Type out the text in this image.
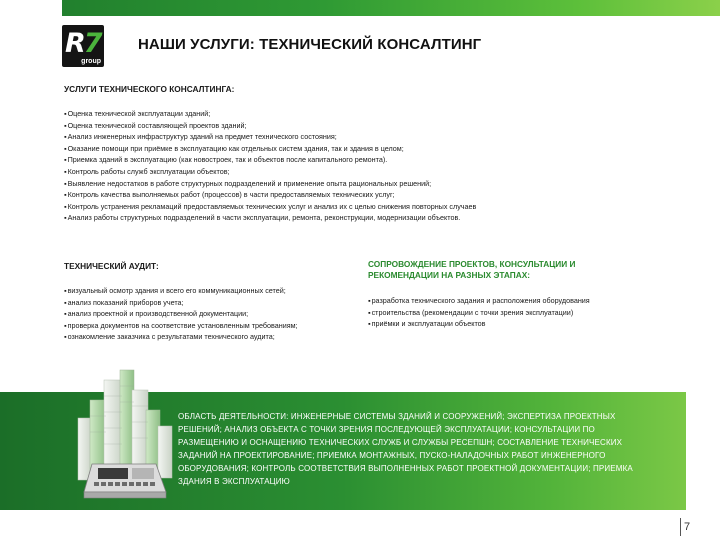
R7
group
НАШИ УСЛУГИ: ТЕХНИЧЕСКИЙ КОНСАЛТИНГ
УСЛУГИ ТЕХНИЧЕСКОГО КОНСАЛТИНГА:
▪ Оценка технической эксплуатации зданий;
▪ Оценка технической составляющей проектов зданий;
▪ Анализ инженерных инфраструктур зданий на предмет технического состояния;
▪ Оказание помощи при приёмке в эксплуатацию как отдельных систем здания, так и здания в целом;
▪ Приемка зданий в эксплуатацию (как новостроек, так и объектов после капитального ремонта).
▪ Контроль работы служб эксплуатации объектов;
▪ Выявление недостатков в работе структурных подразделений и применение опыта рациональных решений;
▪ Контроль качества выполняемых работ (процессов) в части предоставляемых технических услуг;
▪ Контроль устранения рекламаций предоставляемых технических услуг и анализ их с целью снижения повторных случаев
▪ Анализ работы структурных подразделений в части эксплуатации, ремонта, реконструкции, модернизации объектов.
ТЕХНИЧЕСКИЙ АУДИТ:
▪ визуальный осмотр здания и всего его коммуникационных сетей;
▪ анализ показаний приборов учета;
▪ анализ проектной и производственной документации;
▪ проверка документов на соответствие установленным требованиям;
▪ ознакомление заказчика с результатами технического аудита;
СОПРОВОЖДЕНИЕ ПРОЕКТОВ, КОНСУЛЬТАЦИИ И РЕКОМЕНДАЦИИ НА РАЗНЫХ ЭТАПАХ:
▪ разработка технического задания и расположения оборудования
▪ строительства (рекомендации с точки зрения эксплуатации)
▪ приёмки и эксплуатации объектов
ОБЛАСТЬ ДЕЯТЕЛЬНОСТИ: ИНЖЕНЕРНЫЕ СИСТЕМЫ ЗДАНИЙ И СООРУЖЕНИЙ; ЭКСПЕРТИЗА ПРОЕКТНЫХ РЕШЕНИЙ; АНАЛИЗ ОБЪЕКТА С ТОЧКИ ЗРЕНИЯ ПОСЛЕДУЮЩЕЙ ЭКСПЛУАТАЦИИ; КОНСУЛЬТАЦИИ ПО РАЗМЕЩЕНИЮ И ОСНАЩЕНИЮ ТЕХНИЧЕСКИХ СЛУЖБ И СЛУЖБЫ РЕСЕПШН; СОСТАВЛЕНИЕ ТЕХНИЧЕСКИХ ЗАДАНИЙ НА ПРОЕКТИРОВАНИЕ; ПРИЕМКА МОНТАЖНЫХ, ПУСКО-НАЛАДОЧНЫХ РАБОТ ИНЖЕНЕРНОГО ОБОРУДОВАНИЯ; КОНТРОЛЬ СООТВЕТСТВИЯ ВЫПОЛНЕННЫХ РАБОТ ПРОЕКТНОЙ ДОКУМЕНТАЦИИ; ПРИЕМКА ЗДАНИЯ В ЭКСПЛУАТАЦИЮ
7
